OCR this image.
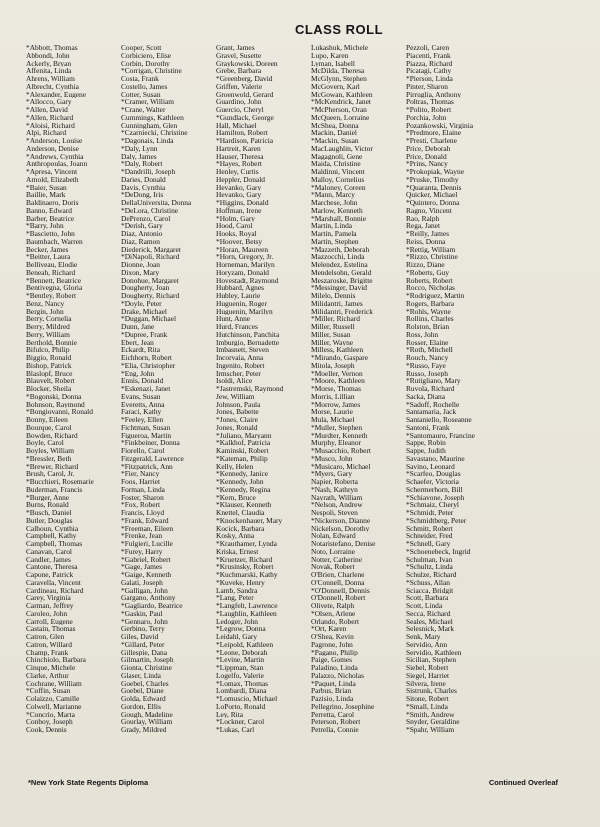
CLASS ROLL
*Abbott, Thomas
Abbondi, John
Ackerly, Bryan
Affenita, Linda
Ahrens, William
Albrecht, Cynthia
*Alexander, Eugene
*Allocco, Gary
*Allen, David
*Allen, Richard
*Aloisi, Richard
Alpi, Richard
*Anderson, Louise
Anderson, Denise
*Andrews, Cynthia
Anthropoulas, Joann
*Apresa, Vincent
Arnold, Elizabeth
*Baier, Susan
Baillie, Mark
Baldinaero, Doris
Banno, Edward
Barber, Beatrice
*Barry, John
*Bascietto, John
Baumbach, Warren
Becker, James
*Beitter, Laura
Belliveau, Elodie
Beneah, Richard
*Bennett, Beatrice
Bentivegna, Gloria
*Bentley, Robert
Benz, Nancy
Bergin, John
Berry, Cornelia
Berry, Mildred
Berry, William
Berthold, Bonnie
Bifulco, Philip
Biggio, Ronald
Bishop, Patrick
Blaslopf, Bruce
Blauvelt, Robert
Blocker, Sheila
*Bogonski, Donna
Bohnson, Raymond
*Bongiovanni, Ronald
Bonny, Eileen
Bourque, Carol
Bowden, Richard
Boyle, Carol
Boyles, William
*Bressler, Beth
*Brewer, Richard
Brush, Carol, Jr.
*Bucchieri, Rosemarie
Buderman, Francis
*Burger, Anne
Burns, Ronald
*Busch, Daniel
Butler, Douglas
Calhoun, Cynthia
Campbell, Kathy
Campbell, Thomas
Canavan, Carol
Candler, James
Cantone, Theresa
Capone, Patrick
Caravella, Vincent
Cardineau, Richard
Carey, Virginia
Carman, Jeffrey
Caroleo, John
Carroll, Eugene
Castain, Thomas
Catron, Glen
Catron, Willard
Champ, Frank
Chinchiolo, Barbara
Cinque, Michele
Clarke, Arthur
Cochrane, William
*Coffin, Susan
Colaizzo, Camille
Colwell, Marianne
*Concrio, Marta
Conboy, Joseph
Cook, Dennis
Cooper, Scott
Corbiciero, Elise
Corbin, Dorothy
*Corrigan, Christine
Costa, Frank
Costello, James
Cotter, Susan
*Cramer, William
*Crane, Walter
Cummings, Kathleen
Cunningham, Glen
*Czarniecki, Christine
*Dagonais, Linda
*Daly, Lynn
Daly, James
*Daly, Robert
*Dandrilli, Joseph
Daries, Donald
Davis, Cynthia
*DeDong, Iris
DellaUniversita, Donna
*DeLora, Christine
DePrenzo, Carol
*Derish, Gary
Diaz, Antonio
Diaz, Ramon
Diederick, Margaret
*DiNapoli, Richard
Dionne, Joan
Dixon, Mary
Donohue, Margaret
Dougherty, Joan
Dougherty, Richard
*Doyle, Peter
Drake, Michael
*Duggan, Michael
Dunn, Jane
*Dupree, Frank
Ebert, Jean
Eckardt, Rita
Eichhorn, Robert
*Elia, Christopher
*Eng, John
Ennis, Donald
*Eskenazi, Janet
Evans, Susan
Everetts, Anna
Faraci, Kathy
*Feeley, Ellen
Fichtman, Susan
Figueroa, Martin
*Finkbeiner, Donna
Fiorello, Carol
Fitzgerald, Lawrence
*Fitzpatrick, Ann
*Fier, Nancy
Foos, Harriet
Forman, Linda
Foster, Sharon
*Fox, Robert
Francis, Lloyd
*Frank, Edward
*Freeman, Eileen
*Frenke, Jean
*Fulgieri, Lucille
*Furey, Harry
*Gabriel, Robert
*Gage, James
*Gaige, Kenneth
Galati, Joseph
*Galligan, John
Gargano, Anthony
*Gagliardo, Beatrice
*Gaskin, Paul
*Gennaro, John
Gerbino, Terry
Giles, David
*Gillard, Peter
Gillespie, Dana
Gilmartin, Joseph
Gionta, Christine
Glaser, Linda
Goebel, Charles
Goebel, Diane
Golda, Edward
Gordon, Ellis
Gough, Madeline
Gourlay, William
Grady, Mildred
Grant, James
Gravel, Susette
Graykowski, Doreen
Grebe, Barbara
*Greenberg, David
Griffen, Valerie
Groenwold, Gerard
Guardino, John
Guercio, Cheryl
*Gundlack, George
Hall, Michael
Hamilton, Robert
*Hardison, Patricia
Hartreit, Karen
Hauser, Theresa
*Hayes, Robert
Henley, Curtis
Heppler, Donald
Hevanko, Gary
Hevanko, Gary
*Higgins, Donald
Hoffman, Irene
*Holm, Gary
Hood, Carol
Hooks, Royal
*Hoover, Betsy
*Horan, Maureen
*Horn, Gregory, Jr.
Horneman, Marilyn
Horyzam, Donald
Hovestadt, Raymond
Hubbard, Agnes
Hubley, Laurie
Huguenin, Roger
Huguenin, Marilyn
Hunt, Anne
Hurd, Frances
Hutchinson, Panchita
Imburgio, Bernadette
Imbasnett, Steven
Incorvaia, Anna
Ingenito, Robert
Irmscher, Peter
Isoldi, Alice
*Jastremski, Raymond
Jew, William
Johnson, Paula
Jones, Babette
*Jones, Claire
Jones, Ronald
*Juliano, Maryann
*Kalkhof, Patricia
Kaminski, Robert
*Kateman, Philip
Kelly, Helen
*Kennedy, Janice
*Kennedy, John
*Kennedy, Regina
*Kern, Bruce
*Klauser, Kenneth
Knettel, Claudia
*Knockenhauer, Mary
Kocick, Barbara
Kosky, Anna
*Krauthamer, Lynda
Kriska, Ernest
*Kruetzer, Richard
*Krusinsky, Robert
*Kuchmarski, Kathy
*Kuveke, Henry
Lamb, Sandra
*Lang, Peter
*Langfelt, Lawrence
*Laughlin, Kathleen
Ledoger, John
*Legrow, Donna
Leidahl, Gary
*Leipold, Kathleen
*Leone, Deborah
*Levine, Martin
*Lippman, Stan
Logelfo, Valerie
*Lomax, Thomas
Lombardi, Diana
*Lomuscio, Michael
LoPorto, Ronald
Ley, Rita
*Lockner, Carol
*Lukas, Carl
Lukashuk, Michele
Lupo, Karen
Lyman, Isabell
McDilda, Theresa
McGlynn, Stephen
McGovern, Karl
McGowan, Kathleen
*McKendrick, Janet
*McPherson, Oran
McQueen, Lorraine
McShea, Donna
Mackin, Daniel
*Mackin, Susan
MacLaughlin, Victor
Magagnoli, Gene
Maida, Christine
Maldinni, Vincent
Malloy, Cornelius
*Maloney, Coreen
*Mann, Marcy
Marchese, John
Marlow, Kenneth
*Marshall, Bonnie
Martin, Linda
Martin, Pamela
Martin, Stephen
*Mazzeth, Deborah
Mazzocchi, Linda
Melendez, Estelina
Mendelsohn, Gerald
Meszaroske, Brigitte
*Messinger, David
Milelo, Dennis
Milidantri, James
Milidantri, Frederick
*Miller, Richard
Miller, Russell
Miller, Susan
Miller, Wayne
Milless, Kathleen
*Mirando, Gaspare
Mitola, Joseph
*Moeller, Vernon
*Moore, Kathleen
*Morse, Thomas
Morris, Lillian
*Morrow, James
Morse, Laurie
Mula, Michael
*Muller, Stephen
*Murdter, Kenneth
Murphy, Eleanor
*Musacchio, Robert
*Musco, John
*Musicaro, Michael
*Myers, Gary
Napier, Roberta
*Nash, Kathryn
Nayrath, William
*Nelson, Andrew
Nespoli, Steven
*Nickerson, Dianne
Nickelson, Dorothy
Nolan, Edward
Notaristefano, Denise
Noto, Lorraine
Notter, Catherine
Novak, Robert
O'Brien, Charlene
O'Connell, Donna
*O'Donnell, Dennis
O'Donnell, Robert
Olivete, Ralph
*Olsen, Arlene
Orlando, Robert
*Ort, Karen
O'Shea, Kevin
Pagrone, John
*Pagano, Philip
Paige, Gomes
Paladino, Linda
Palazzo, Nicholas
*Paquet, Linda
Parbus, Brian
Pazisio, Linda
Pellegrino, Josephine
Perretta, Carol
Peterson, Robert
Petrella, Connie
Pezzoli, Caren
Piacenti, Frank
Piazza, Richard
Picatagi, Cathy
*Pierson, Linda
Pinter, Sharon
Pirruglia, Anthony
Poltras, Thomas
*Polito, Robert
Porchia, John
Pozankowski, Virginia
*Predmore, Elaine
*Presti, Charlene
Price, Deborah
Price, Donald
*Prins, Nancy
*Prokopiak, Wayne
*Pruske, Timothy
*Quaranta, Dennis
Quicker, Michael
*Quintero, Donna
Ragno, Vincent
Rao, Ralph
Rega, Janet
*Reilly, James
Reiss, Donna
*Rettig, William
*Rizzo, Christine
Rizzo, Diane
*Roberts, Guy
Roberts, Robert
Rocco, Nicholas
*Rodriguez, Martin
Rogers, Barbara
*Rohls, Wayne
Rollins, Charles
Rolston, Brian
Ross, John
Rosser, Elaine
*Roth, Mitchell
Rouch, Nancy
*Russo, Faye
Russo, Joseph
*Rutigliano, Mary
Ruvola, Richard
Sacka, Diana
*Sadoff, Rochelle
Santamaria, Jack
Santaniello, Roseanne
Santoni, Frank
*Santomauro, Francine
Sappe, Robin
Sappe, Judith
Savastano, Maurine
Savino, Leonard
*Scarfeo, Douglas
Schaefer, Victoria
Schermerhorn, Bill
*Schiavone, Joseph
*Schmaiz, Cheryl
*Schmidt, Peter
*Schmidtberg, Peter
Schmitt, Robert
Schneider, Fred
*Schnell, Gary
*Schoenebeck, Ingrid
Schulman, Ivan
*Schultz, Linda
Schulze, Richard
*Schuss, Allan
Sciacca, Bridgit
Scott, Barbara
Scott, Linda
Secca, Richard
Seales, Michael
Selesnick, Mark
Senk, Mary
Servidio, Ann
Servidio, Kathleen
Sicilian, Stephen
Siebel, Robert
Siegel, Harriet
Silvera, Irene
Sistrunk, Charles
Sitone, Robert
*Small, Linda
*Smith, Andrew
Snyder, Geraldine
*Spahr, William
*New York State Regents Diploma	Continued Overleaf
